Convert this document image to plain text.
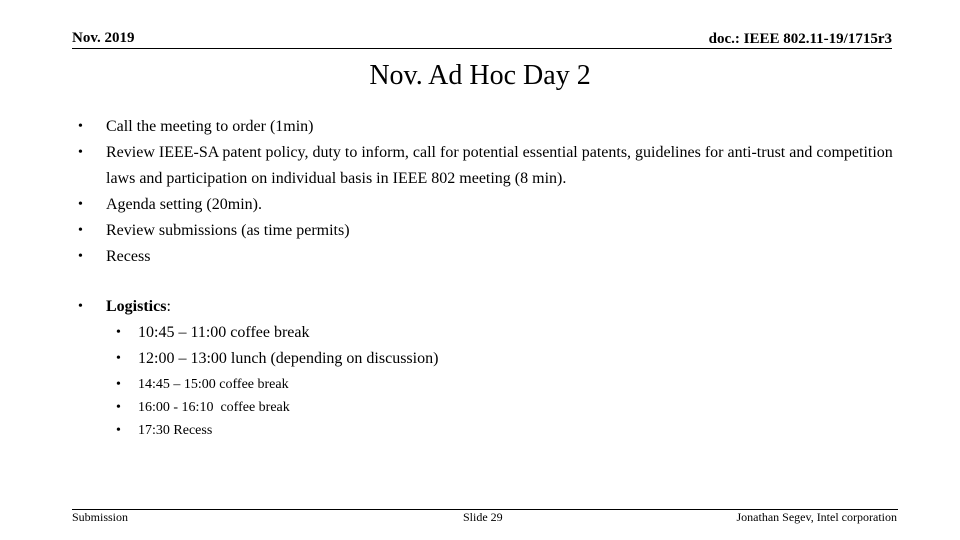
Nov. 2019	doc.: IEEE 802.11-19/1715r3
Nov. Ad Hoc Day 2
• Call the meeting to order (1min)
• Review IEEE-SA patent policy, duty to inform, call for potential essential patents, guidelines for anti-trust and competition laws and participation on individual basis in IEEE 802 meeting (8 min).
• Agenda setting (20min).
• Review submissions (as time permits)
• Recess
• Logistics:
• 10:45 – 11:00 coffee break
• 12:00 – 13:00 lunch (depending on discussion)
• 14:45 – 15:00 coffee break
• 16:00 - 16:10  coffee break
• 17:30 Recess
Submission	Slide 29	Jonathan Segev, Intel corporation
